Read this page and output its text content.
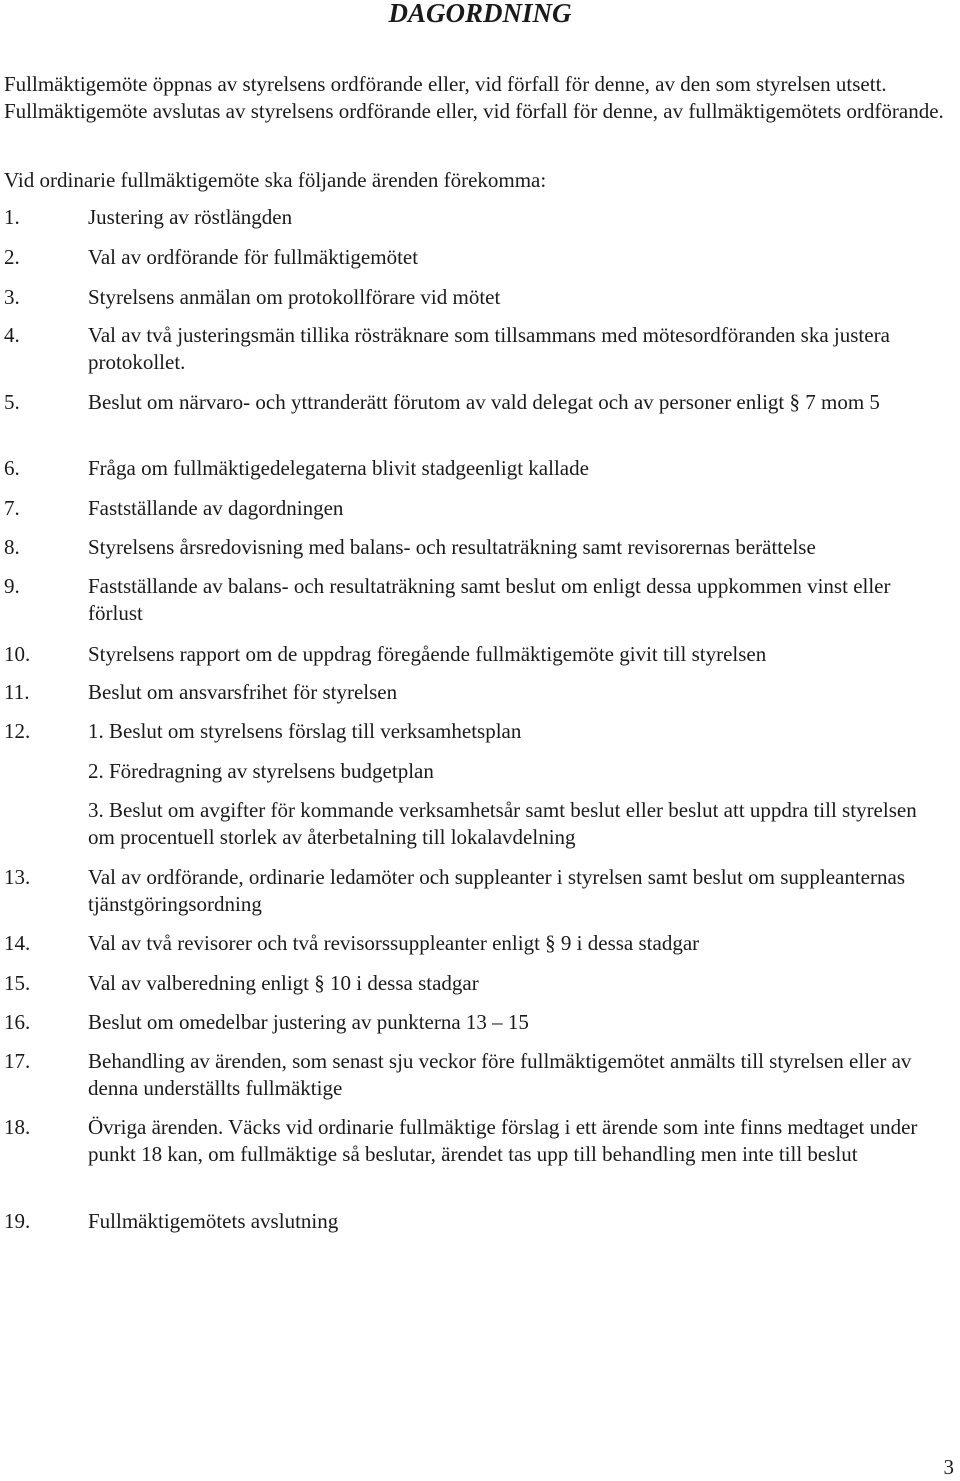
DAGORDNING

Fullmäktigemöte öppnas av styrelsens ordförande eller, vid förfall för denne, av den som styrelsen utsett. Fullmäktigemöte avslutas av styrelsens ordförande eller, vid förfall för denne, av fullmäktigemötets ordförande.

Vid ordinarie fullmäktigemöte ska följande ärenden förekomma:

1.	Justering av röstlängden
2.	Val av ordförande för fullmäktigemötet
3.	Styrelsens anmälan om protokollförare vid mötet
4.	Val av två justeringsmän tillika rösträknare som tillsammans med mötesordföranden ska justera protokollet.
5.	Beslut om närvaro- och yttranderätt förutom av vald delegat och av personer enligt § 7 mom 5
6.	Fråga om fullmäktigedelegaterna blivit stadgeenligt kallade
7.	Fastställande av dagordningen
8.	Styrelsens årsredovisning med balans- och resultaträkning samt revisorernas berättelse
9.	Fastställande av balans- och resultaträkning samt beslut om enligt dessa uppkommen vinst eller förlust
10.	Styrelsens rapport om de uppdrag föregående fullmäktigemöte givit till styrelsen
11.	Beslut om ansvarsfrihet för styrelsen
12.	1. Beslut om styrelsens förslag till verksamhetsplan
2. Föredragning av styrelsens budgetplan
3. Beslut om avgifter för kommande verksamhetsår samt beslut eller beslut att uppdra till styrelsen om procentuell storlek av återbetalning till lokalavdelning
13.	Val av ordförande, ordinarie ledamöter och suppleanter i styrelsen samt beslut om suppleanternas tjänstgöringsordning
14.	Val av två revisorer och två revisorssuppleanter enligt § 9 i dessa stadgar
15.	Val av valberedning enligt § 10 i dessa stadgar
16.	Beslut om omedelbar justering av punkterna 13 – 15
17.	Behandling av ärenden, som senast sju veckor före fullmäktigemötet anmälts till styrelsen eller av denna underställts fullmäktige
18.	Övriga ärenden. Väcks vid ordinarie fullmäktige förslag i ett ärende som inte finns medtaget under punkt 18 kan, om fullmäktige så beslutar, ärendet tas upp till behandling men inte till beslut
19.	Fullmäktigemötets avslutning
3
